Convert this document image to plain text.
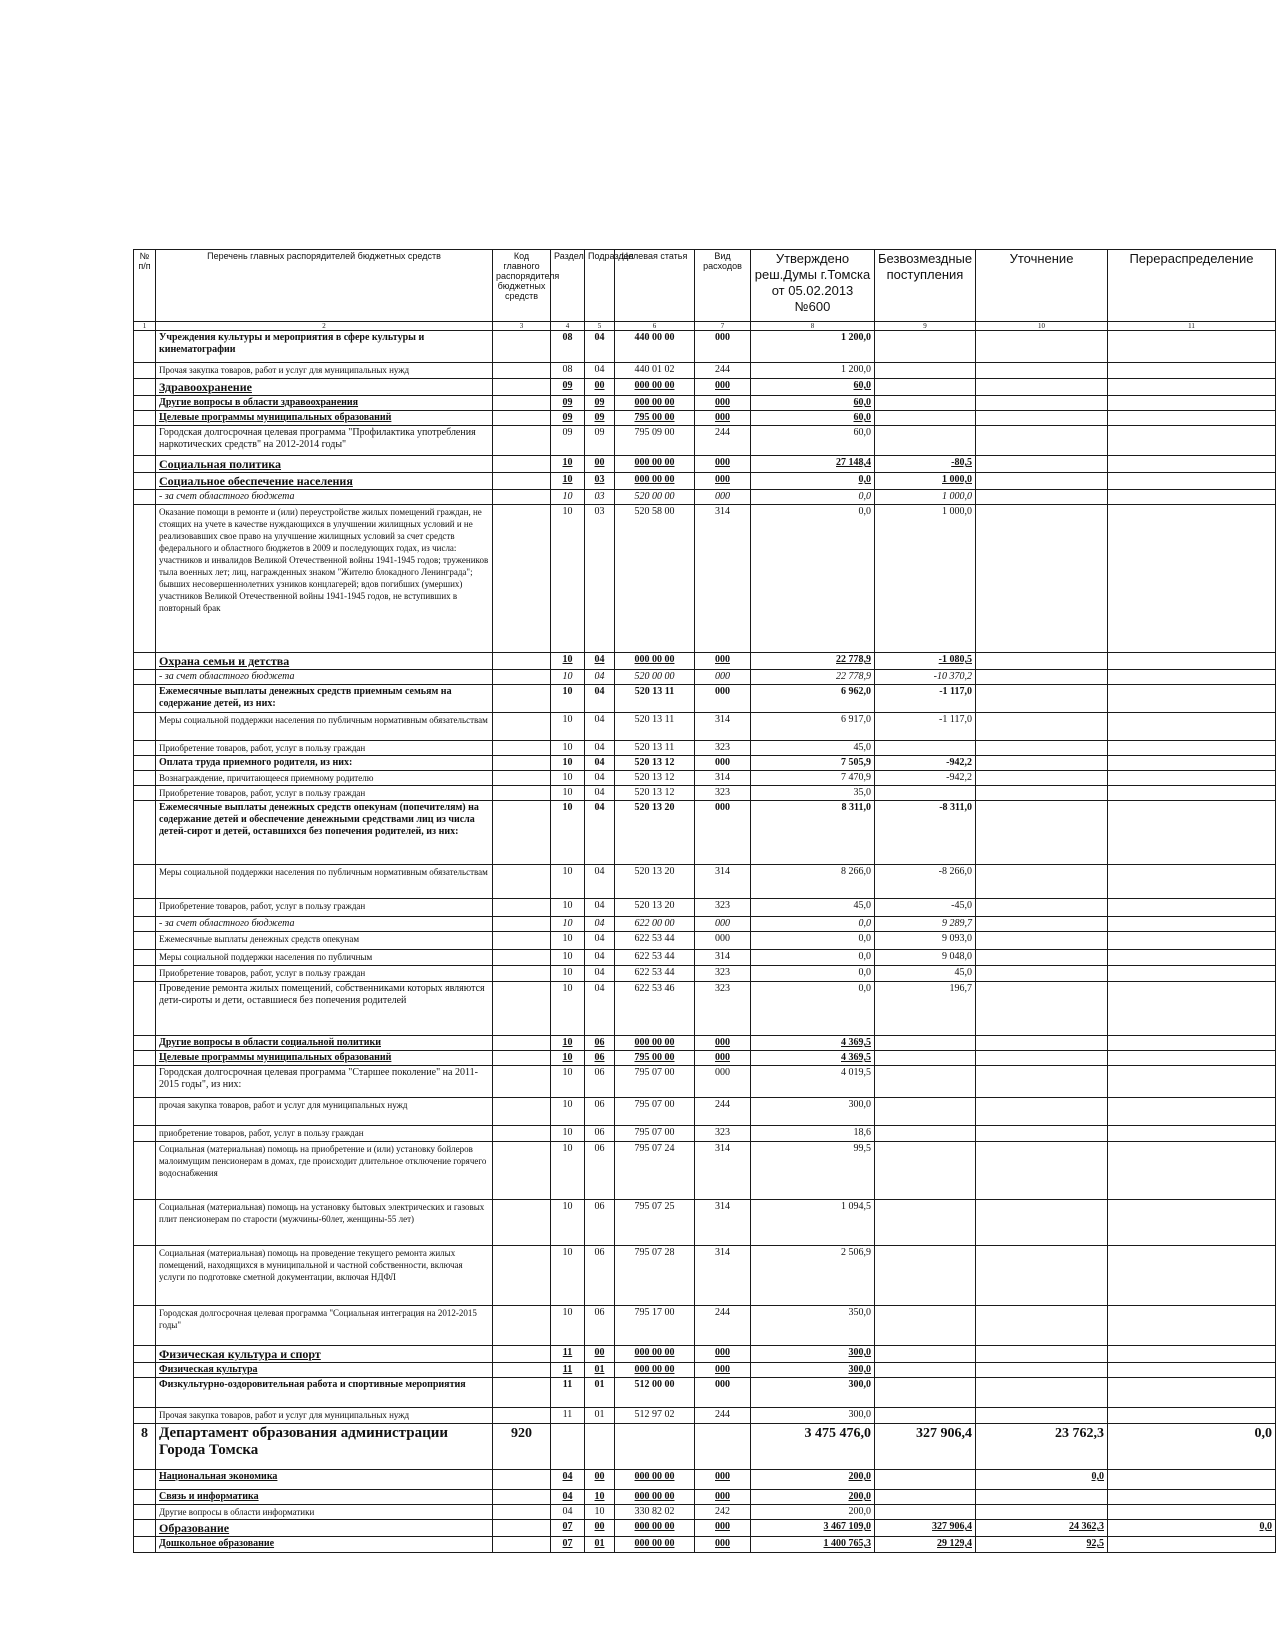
№ п/п	Перечень главных распорядителей бюджетных средств	Код главного распорядителя бюджетных средств	Раздел	Подраздел	Целевая статья	Вид расходов	Утверждено реш.Думы г.Томска от 05.02.2013 №600	Безвозмездные поступления	Уточнение	Перераспределение
1	2	3	4	5	6	7	8	9	10	11
	Учреждения культуры и мероприятия в сфере культуры и кинематографии		08	04	440 00 00	000	1 200,0			
	Прочая закупка товаров, работ и услуг для муниципальных нужд		08	04	440 01 02	244	1 200,0			
	Здравоохранение		09	00	000 00 00	000	60,0			
	Другие вопросы в области здравоохранения		09	09	000 00 00	000	60,0			
	Целевые программы муниципальных образований		09	09	795 00 00	000	60,0			
	Городская долгосрочная целевая программа "Профилактика употребления наркотических средств" на 2012-2014 годы"		09	09	795 09 00	244	60,0			
	Социальная политика		10	00	000 00 00	000	27 148,4	-80,5		
	Социальное обеспечение населения		10	03	000 00 00	000	0,0	1 000,0		
	- за счет областного бюджета		10	03	520 00 00	000	0,0	1 000,0		
	Оказание помощи в ремонте и (или) переустройстве жилых помещений граждан, не стоящих на учете в качестве нуждающихся в улучшении жилищных условий и не реализовавших свое право на улучшение жилищных условий за счет средств федерального и областного бюджетов в 2009 и последующих годах, из числа: участников и инвалидов Великой Отечественной войны 1941-1945 годов; тружеников тыла военных лет; лиц, награжденных знаком "Жителю блокадного Ленинграда"; бывших несовершеннолетних узников концлагерей; вдов погибших (умерших) участников Великой Отечественной войны 1941-1945 годов, не вступивших в повторный брак		10	03	520 58 00	314	0,0	1 000,0		
	Охрана семьи и детства		10	04	000 00 00	000	22 778,9	-1 080,5		
	- за счет областного бюджета		10	04	520 00 00	000	22 778,9	-10 370,2		
	Ежемесячные выплаты денежных средств приемным семьям на содержание детей, из них:		10	04	520 13 11	000	6 962,0	-1 117,0		
	Меры социальной поддержки населения по публичным нормативным обязательствам		10	04	520 13 11	314	6 917,0	-1 117,0		
	Приобретение товаров, работ, услуг в пользу граждан		10	04	520 13 11	323	45,0			
	Оплата труда приемного родителя, из них:		10	04	520 13 12	000	7 505,9	-942,2		
	Вознаграждение, причитающееся приемному родителю		10	04	520 13 12	314	7 470,9	-942,2		
	Приобретение товаров, работ, услуг в пользу граждан		10	04	520 13 12	323	35,0			
	Ежемесячные выплаты денежных средств опекунам (попечителям) на содержание детей и обеспечение денежными средствами лиц из числа детей-сирот и детей, оставшихся без попечения родителей, из них:		10	04	520 13 20	000	8 311,0	-8 311,0		
	Меры социальной поддержки населения по публичным нормативным обязательствам		10	04	520 13 20	314	8 266,0	-8 266,0		
	Приобретение товаров, работ, услуг в пользу граждан		10	04	520 13 20	323	45,0	-45,0		
	- за счет областного бюджета		10	04	622 00 00	000	0,0	9 289,7		
	Ежемесячные выплаты денежных средств опекунам		10	04	622 53 44	000	0,0	9 093,0		
	Меры социальной поддержки населения по публичным		10	04	622 53 44	314	0,0	9 048,0		
	Приобретение товаров, работ, услуг в пользу граждан		10	04	622 53 44	323	0,0	45,0		
	Проведение ремонта жилых помещений, собственниками которых являются дети-сироты и дети, оставшиеся без попечения родителей		10	04	622 53 46	323	0,0	196,7		
	Другие вопросы в области социальной политики		10	06	000 00 00	000	4 369,5			
	Целевые программы муниципальных образований		10	06	795 00 00	000	4 369,5			
	Городская долгосрочная целевая программа "Старшее поколение" на 2011-2015 годы", из них:		10	06	795 07 00	000	4 019,5			
	прочая закупка товаров, работ и услуг для муниципальных нужд		10	06	795 07 00	244	300,0			
	приобретение товаров, работ, услуг в пользу граждан		10	06	795 07 00	323	18,6			
	Социальная (материальная) помощь на приобретение и (или) установку бойлеров малоимущим пенсионерам в домах, где происходит длительное отключение горячего водоснабжения		10	06	795 07 24	314	99,5			
	Социальная (материальная) помощь на установку бытовых электрических и газовых плит пенсионерам по старости (мужчины-60лет, женщины-55 лет)		10	06	795 07 25	314	1 094,5			
	Социальная (материальная) помощь на проведение текущего ремонта жилых помещений, находящихся в муниципальной и частной собственности, включая услуги по подготовке сметной документации, включая НДФЛ		10	06	795 07 28	314	2 506,9			
	Городская долгосрочная целевая программа "Социальная интеграция на 2012-2015 годы"		10	06	795 17 00	244	350,0			
	Физическая культура и спорт		11	00	000 00 00	000	300,0			
	Физическая культура		11	01	000 00 00	000	300,0			
	Физкультурно-оздоровительная работа и спортивные мероприятия		11	01	512 00 00	000	300,0			
	Прочая закупка товаров, работ и услуг для муниципальных нужд		11	01	512 97 02	244	300,0			
8	Департамент образования администрации Города Томска	920					3 475 476,0	327 906,4	23 762,3	0,0
	Национальная экономика		04	00	000 00 00	000	200,0		0,0	
	Связь и информатика		04	10	000 00 00	000	200,0			
	Другие вопросы в области информатики		04	10	330 82 02	242	200,0			
	Образование		07	00	000 00 00	000	3 467 109,0	327 906,4	24 362,3	0,0
	Дошкольное образование		07	01	000 00 00	000	1 400 765,3	29 129,4	92,5	
